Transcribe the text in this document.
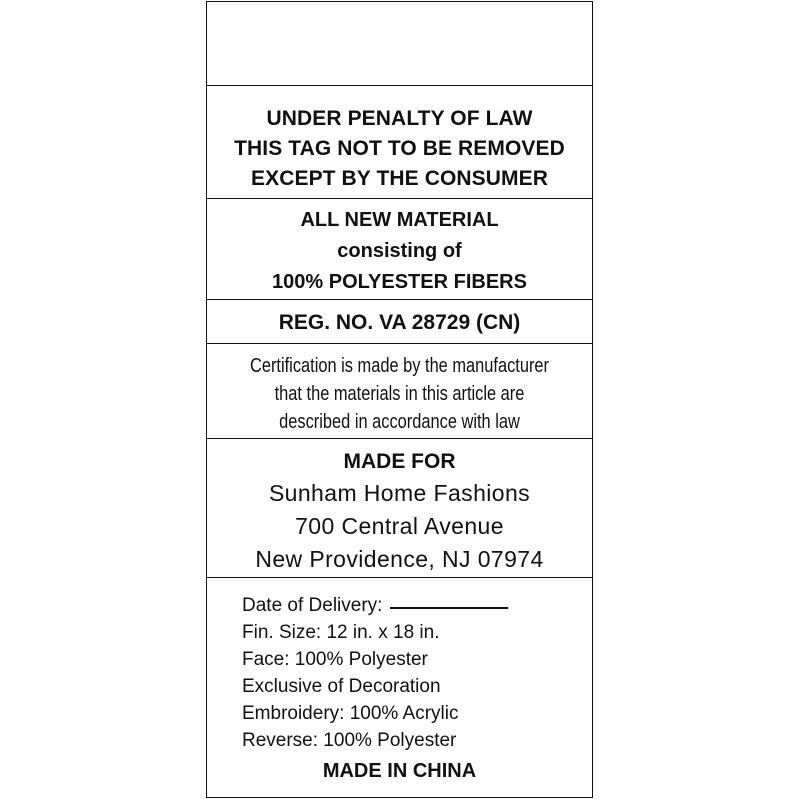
UNDER PENALTY OF LAW
THIS TAG NOT TO BE REMOVED
EXCEPT BY THE CONSUMER
ALL NEW MATERIAL
consisting of
100% POLYESTER FIBERS
REG. NO. VA 28729 (CN)
Certification is made by the manufacturer
that the materials in this article are
described in accordance with law
MADE FOR
Sunham Home Fashions
700 Central Avenue
New Providence, NJ 07974
Date of Delivery:
Fin. Size: 12 in. x 18 in.
Face: 100% Polyester
Exclusive of Decoration
Embroidery: 100% Acrylic
Reverse: 100% Polyester
MADE IN CHINA
